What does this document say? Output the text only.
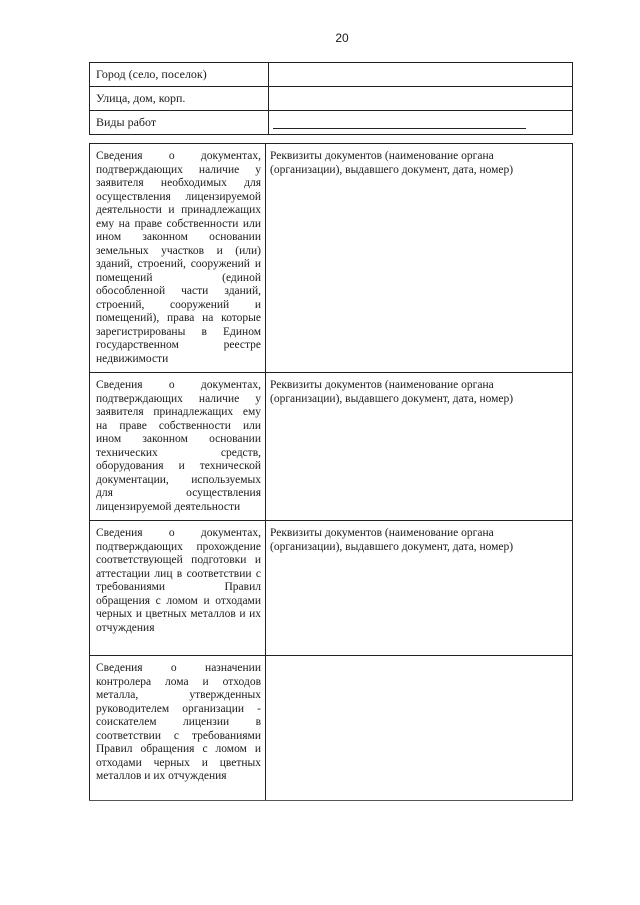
20
Город (село, поселок)	
Улица, дом, корп.	
Виды работ	
Сведения о документах, подтверждающих наличие у заявителя необходимых для осуществления лицензируемой деятельности и принадлежащих ему на праве собственности или ином законном основании земельных участков и (или) зданий, строений, сооружений и помещений (единой обособленной части зданий, строений, сооружений и помещений), права на которые зарегистрированы в Едином государственном реестре недвижимости	Реквизиты документов (наименование органа (организации), выдавшего документ, дата, номер)
Сведения о документах, подтверждающих наличие у заявителя принадлежащих ему на праве собственности или ином законном основании технических средств, оборудования и технической документации, используемых для осуществления лицензируемой деятельности	Реквизиты документов (наименование органа (организации), выдавшего документ, дата, номер)
Сведения о документах, подтверждающих прохождение соответствующей подготовки и аттестации лиц в соответствии с требованиями Правил обращения с ломом и отходами черных и цветных металлов и их отчуждения	Реквизиты документов (наименование органа (организации), выдавшего документ, дата, номер)
Сведения о назначении контролера лома и отходов металла, утвержденных руководителем организации - соискателем лицензии в соответствии с требованиями Правил обращения с ломом и отходами черных и цветных металлов и их отчуждения	
